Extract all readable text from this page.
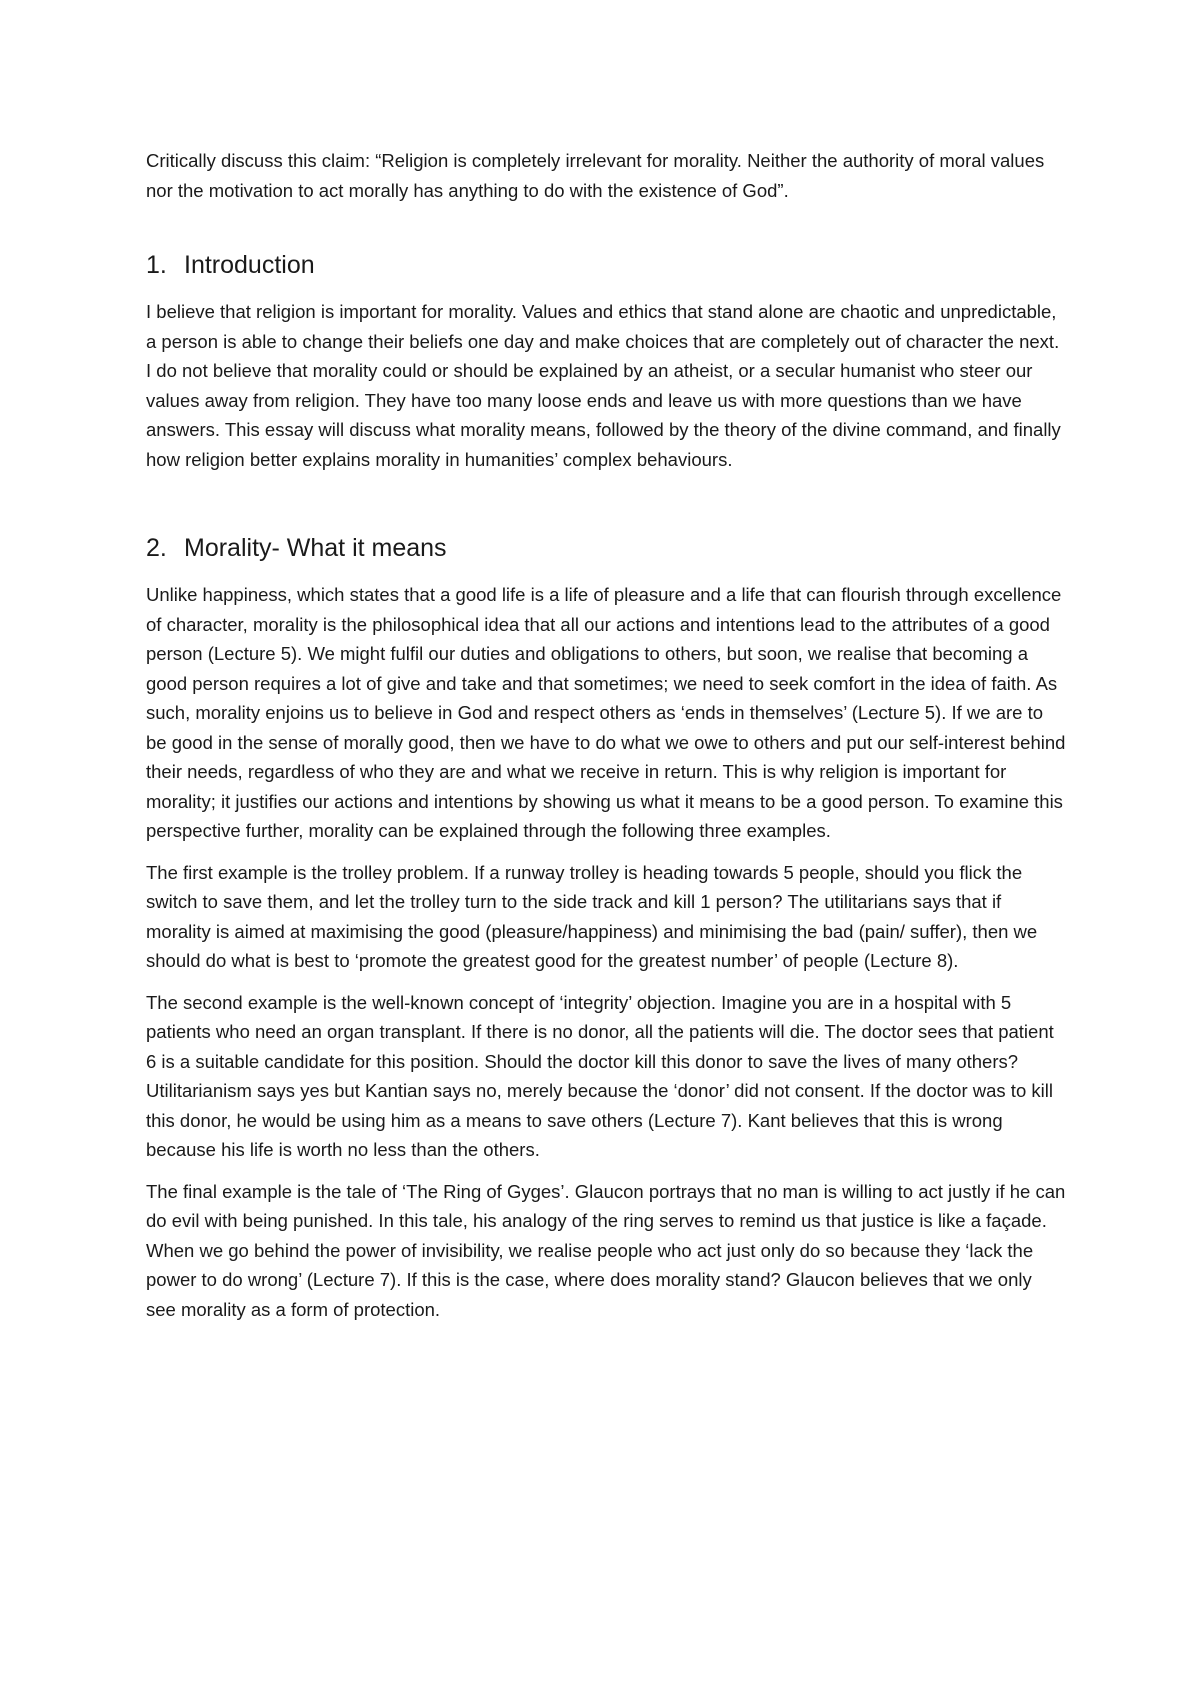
Critically discuss this claim: “Religion is completely irrelevant for morality. Neither the authority of moral values nor the motivation to act morally has anything to do with the existence of God”.

1. Introduction

I believe that religion is important for morality. Values and ethics that stand alone are chaotic and unpredictable, a person is able to change their beliefs one day and make choices that are completely out of character the next. I do not believe that morality could or should be explained by an atheist, or a secular humanist who steer our values away from religion. They have too many loose ends and leave us with more questions than we have answers. This essay will discuss what morality means, followed by the theory of the divine command, and finally how religion better explains morality in humanities’ complex behaviours.

2. Morality- What it means

Unlike happiness, which states that a good life is a life of pleasure and a life that can flourish through excellence of character, morality is the philosophical idea that all our actions and intentions lead to the attributes of a good person (Lecture 5). We might fulfil our duties and obligations to others, but soon, we realise that becoming a good person requires a lot of give and take and that sometimes; we need to seek comfort in the idea of faith. As such, morality enjoins us to believe in God and respect others as ‘ends in themselves’ (Lecture 5). If we are to be good in the sense of morally good, then we have to do what we owe to others and put our self-interest behind their needs, regardless of who they are and what we receive in return. This is why religion is important for morality; it justifies our actions and intentions by showing us what it means to be a good person. To examine this perspective further, morality can be explained through the following three examples.

The first example is the trolley problem. If a runway trolley is heading towards 5 people, should you flick the switch to save them, and let the trolley turn to the side track and kill 1 person? The utilitarians says that if morality is aimed at maximising the good (pleasure/happiness) and minimising the bad (pain/ suffer), then we should do what is best to ‘promote the greatest good for the greatest number’ of people (Lecture 8).

The second example is the well-known concept of ‘integrity’ objection. Imagine you are in a hospital with 5 patients who need an organ transplant. If there is no donor, all the patients will die. The doctor sees that patient 6 is a suitable candidate for this position. Should the doctor kill this donor to save the lives of many others? Utilitarianism says yes but Kantian says no, merely because the ‘donor’ did not consent. If the doctor was to kill this donor, he would be using him as a means to save others (Lecture 7). Kant believes that this is wrong because his life is worth no less than the others.

The final example is the tale of ‘The Ring of Gyges’. Glaucon portrays that no man is willing to act justly if he can do evil with being punished. In this tale, his analogy of the ring serves to remind us that justice is like a façade. When we go behind the power of invisibility, we realise people who act just only do so because they ‘lack the power to do wrong’ (Lecture 7). If this is the case, where does morality stand? Glaucon believes that we only see morality as a form of protection.
